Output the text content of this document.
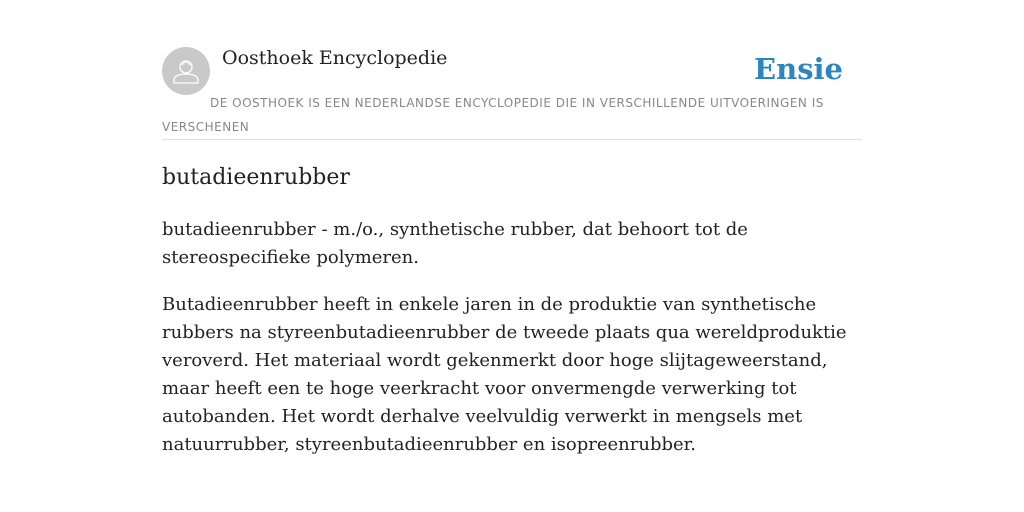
Oosthoek Encyclopedie	Ensie

DE OOSTHOEK IS EEN NEDERLANDSE ENCYCLOPEDIE DIE IN VERSCHILLENDE UITVOERINGEN IS VERSCHENEN

butadieenrubber

butadieenrubber - m./o., synthetische rubber, dat behoort tot de stereospecifieke polymeren.

Butadieenrubber heeft in enkele jaren in de produktie van synthetische rubbers na styreenbutadieenrubber de tweede plaats qua wereldproduktie veroverd. Het materiaal wordt gekenmerkt door hoge slijtageweerstand, maar heeft een te hoge veerkracht voor onvermengde verwerking tot autobanden. Het wordt derhalve veelvuldig verwerkt in mengsels met natuurrubber, styreenbutadieenrubber en isopreenrubber.
